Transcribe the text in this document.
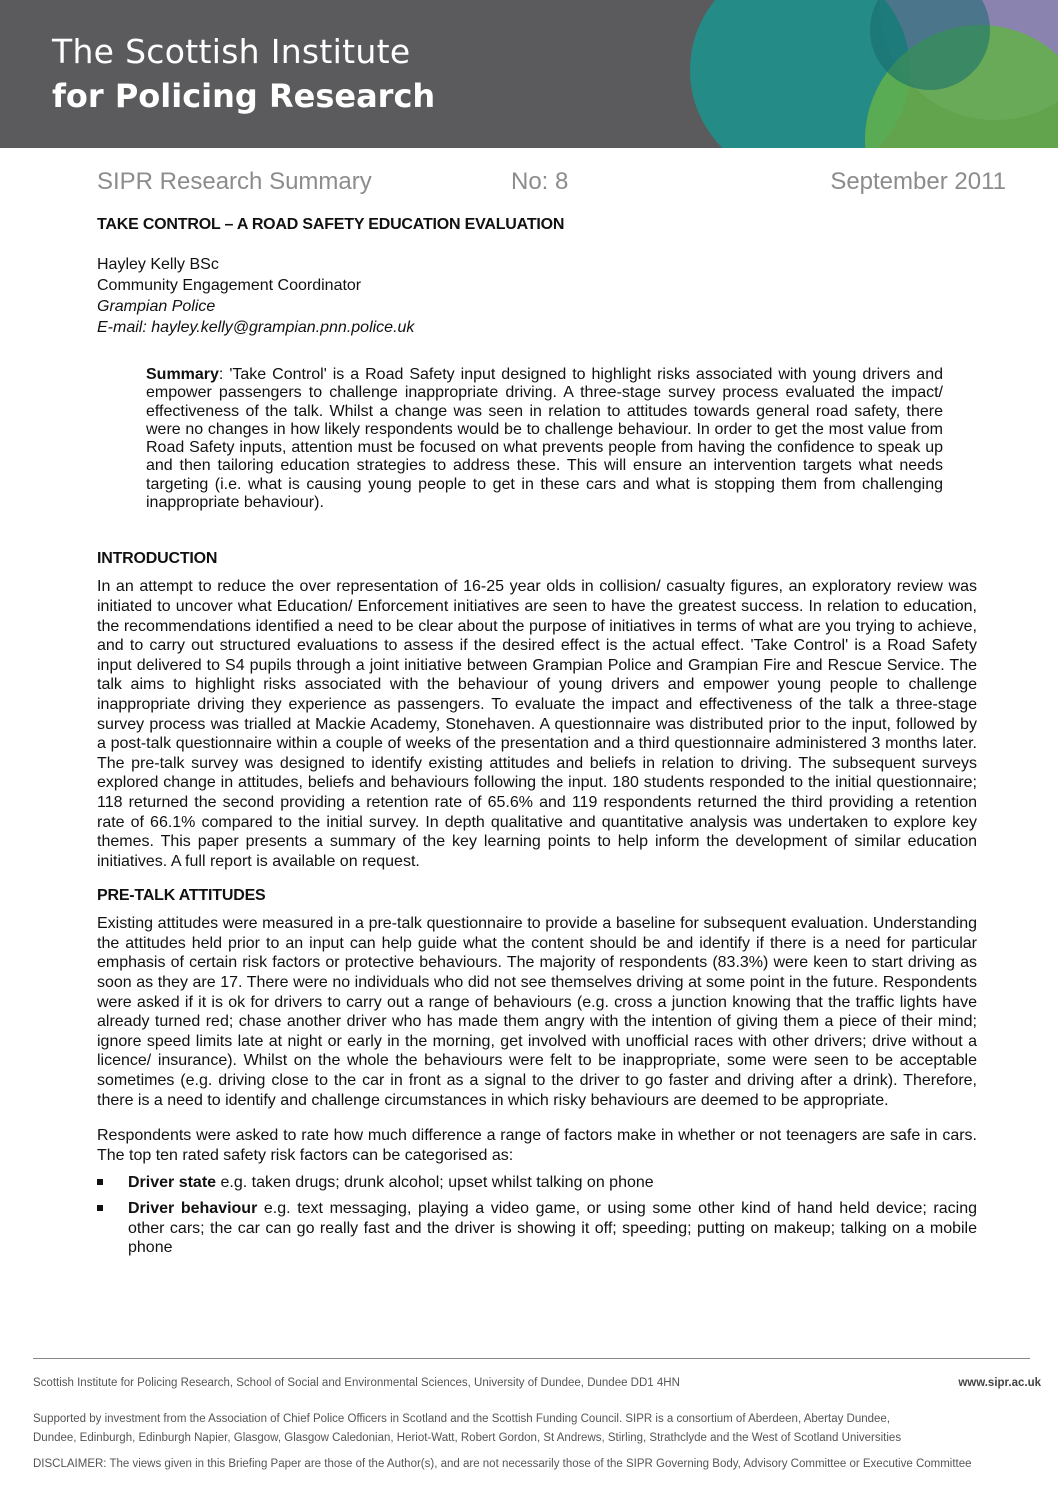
The Scottish Institute
for Policing Research
SIPR Research Summary	No: 8	September 2011
TAKE CONTROL – A ROAD SAFETY EDUCATION EVALUATION
Hayley Kelly BSc
Community Engagement Coordinator
Grampian Police
E-mail: hayley.kelly@grampian.pnn.police.uk
Summary: 'Take Control' is a Road Safety input designed to highlight risks associated with young drivers and empower passengers to challenge inappropriate driving. A three-stage survey process evaluated the impact/ effectiveness of the talk. Whilst a change was seen in relation to attitudes towards general road safety, there were no changes in how likely respondents would be to challenge behaviour. In order to get the most value from Road Safety inputs, attention must be focused on what prevents people from having the confidence to speak up and then tailoring education strategies to address these. This will ensure an intervention targets what needs targeting (i.e. what is causing young people to get in these cars and what is stopping them from challenging inappropriate behaviour).
INTRODUCTION

In an attempt to reduce the over representation of 16-25 year olds in collision/ casualty figures, an exploratory review was initiated to uncover what Education/ Enforcement initiatives are seen to have the greatest success. In relation to education, the recommendations identified a need to be clear about the purpose of initiatives in terms of what are you trying to achieve, and to carry out structured evaluations to assess if the desired effect is the actual effect. 'Take Control' is a Road Safety input delivered to S4 pupils through a joint initiative between Grampian Police and Grampian Fire and Rescue Service. The talk aims to highlight risks associated with the behaviour of young drivers and empower young people to challenge inappropriate driving they experience as passengers. To evaluate the impact and effectiveness of the talk a three-stage survey process was trialled at Mackie Academy, Stonehaven. A questionnaire was distributed prior to the input, followed by a post-talk questionnaire within a couple of weeks of the presentation and a third questionnaire administered 3 months later. The pre-talk survey was designed to identify existing attitudes and beliefs in relation to driving. The subsequent surveys explored change in attitudes, beliefs and behaviours following the input. 180 students responded to the initial questionnaire; 118 returned the second providing a retention rate of 65.6% and 119 respondents returned the third providing a retention rate of 66.1% compared to the initial survey. In depth qualitative and quantitative analysis was undertaken to explore key themes. This paper presents a summary of the key learning points to help inform the development of similar education initiatives. A full report is available on request.

PRE-TALK ATTITUDES

Existing attitudes were measured in a pre-talk questionnaire to provide a baseline for subsequent evaluation. Understanding the attitudes held prior to an input can help guide what the content should be and identify if there is a need for particular emphasis of certain risk factors or protective behaviours. The majority of respondents (83.3%) were keen to start driving as soon as they are 17. There were no individuals who did not see themselves driving at some point in the future. Respondents were asked if it is ok for drivers to carry out a range of behaviours (e.g. cross a junction knowing that the traffic lights have already turned red; chase another driver who has made them angry with the intention of giving them a piece of their mind; ignore speed limits late at night or early in the morning, get involved with unofficial races with other drivers; drive without a licence/ insurance). Whilst on the whole the behaviours were felt to be inappropriate, some were seen to be acceptable sometimes (e.g. driving close to the car in front as a signal to the driver to go faster and driving after a drink). Therefore, there is a need to identify and challenge circumstances in which risky behaviours are deemed to be appropriate.

Respondents were asked to rate how much difference a range of factors make in whether or not teenagers are safe in cars. The top ten rated safety risk factors can be categorised as:

Driver state e.g. taken drugs; drunk alcohol; upset whilst talking on phone
Driver behaviour e.g. text messaging, playing a video game, or using some other kind of hand held device; racing other cars; the car can go really fast and the driver is showing it off; speeding; putting on makeup; talking on a mobile phone
Scottish Institute for Policing Research, School of Social and Environmental Sciences, University of Dundee, Dundee DD1 4HN	www.sipr.ac.uk
Supported by investment from the Association of Chief Police Officers in Scotland and the Scottish Funding Council. SIPR is a consortium of Aberdeen, Abertay Dundee,
Dundee, Edinburgh, Edinburgh Napier, Glasgow, Glasgow Caledonian, Heriot-Watt, Robert Gordon, St Andrews, Stirling, Strathclyde and the West of Scotland Universities
DISCLAIMER: The views given in this Briefing Paper are those of the Author(s), and are not necessarily those of the SIPR Governing Body, Advisory Committee or Executive Committee
